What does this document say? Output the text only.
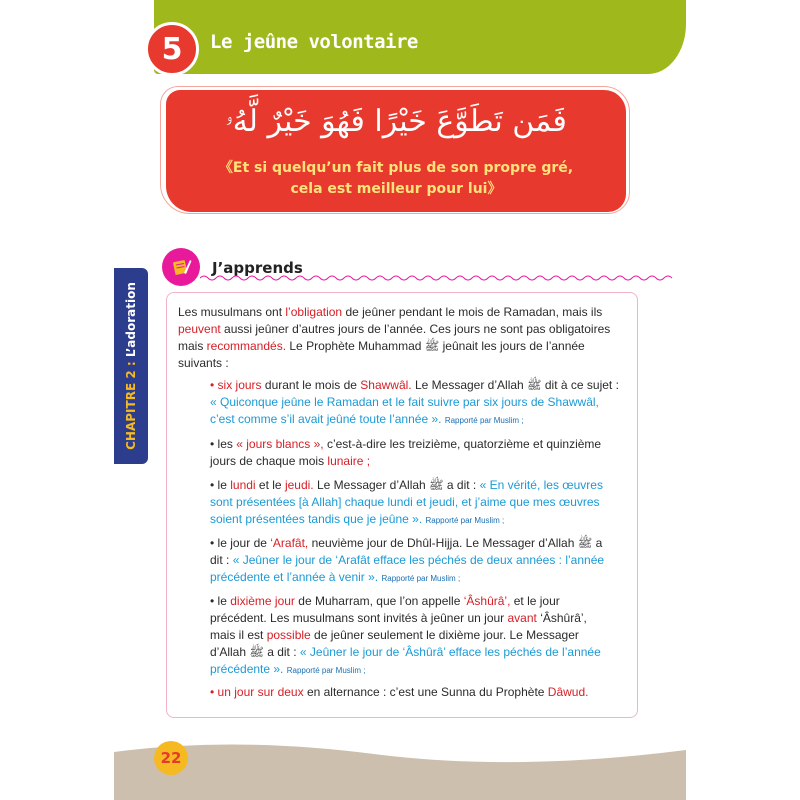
5	Le jeûne volontaire
فَمَن تَطَوَّعَ خَيْرًا فَهُوَ خَيْرٌ لَّهُۥ
《Et si quelqu’un fait plus de son propre gré,
cela est meilleur pour lui》
CHAPITRE 2 : L’adoration
J’apprends
Les musulmans ont l’obligation de jeûner pendant le mois de Ramadan, mais ils
peuvent aussi jeûner d’autres jours de l’année. Ces jours ne sont pas obligatoires
mais recommandés. Le Prophète Muhammad ﷺ jeûnait les jours de l’année
suivants :
• six jours durant le mois de Shawwâl. Le Messager d’Allah ﷺ dit à ce sujet :
« Quiconque jeûne le Ramadan et le fait suivre par six jours de Shawwâl,
c’est comme s’il avait jeûné toute l’année ». Rapporté par Muslim ;
• les « jours blancs », c’est-à-dire les treizième, quatorzième et quinzième
jours de chaque mois lunaire ;
• le lundi et le jeudi. Le Messager d’Allah ﷺ a dit : « En vérité, les œuvres
sont présentées [à Allah] chaque lundi et jeudi, et j’aime que mes œuvres
soient présentées tandis que je jeûne ». Rapporté par Muslim ;
• le jour de ‘Arafât, neuvième jour de Dhûl-Hijja. Le Messager d’Allah ﷺ a
dit : « Jeûner le jour de ‘Arafât efface les péchés de deux années : l’année
précédente et l’année à venir ». Rapporté par Muslim ;
• le dixième jour de Muharram, que l’on appelle ‘Âshûrâ’, et le jour
précédent. Les musulmans sont invités à jeûner un jour avant ‘Âshûrâ’,
mais il est possible de jeûner seulement le dixième jour. Le Messager
d’Allah ﷺ a dit : « Jeûner le jour de ‘Âshûrâ’ efface les péchés de l’année
précédente ». Rapporté par Muslim ;
• un jour sur deux en alternance : c’est une Sunna du Prophète Dâwud.
22
